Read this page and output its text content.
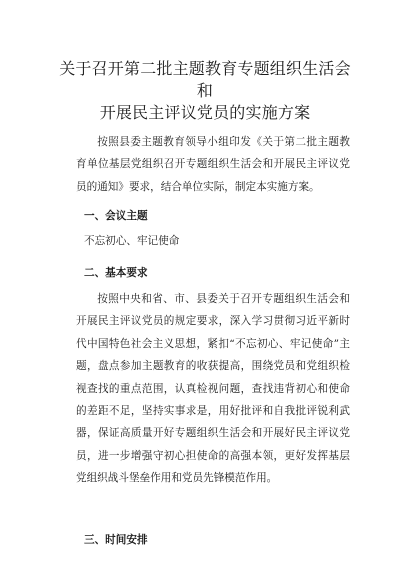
关于召开第二批主题教育专题组织生活会
和
开展民主评议党员的实施方案
按照县委主题教育领导小组印发《关于第二批主题教育单位基层党组织召开专题组织生活会和开展民主评议党员的通知》要求，结合单位实际，制定本实施方案。
一、会议主题
不忘初心、牢记使命
二、基本要求
按照中央和省、市、县委关于召开专题组织生活会和开展民主评议党员的规定要求，深入学习贯彻习近平新时代中国特色社会主义思想，紧扣“不忘初心、牢记使命”主题，盘点参加主题教育的收获提高，围绕党员和党组织检视查找的重点范围，认真检视问题，查找违背初心和使命的差距不足，坚持实事求是，用好批评和自我批评锐利武器，保证高质量开好专题组织生活会和开展好民主评议党员，进一步增强守初心担使命的高强本领，更好发挥基层党组织战斗堡垒作用和党员先锋模范作用。
三、时间安排
